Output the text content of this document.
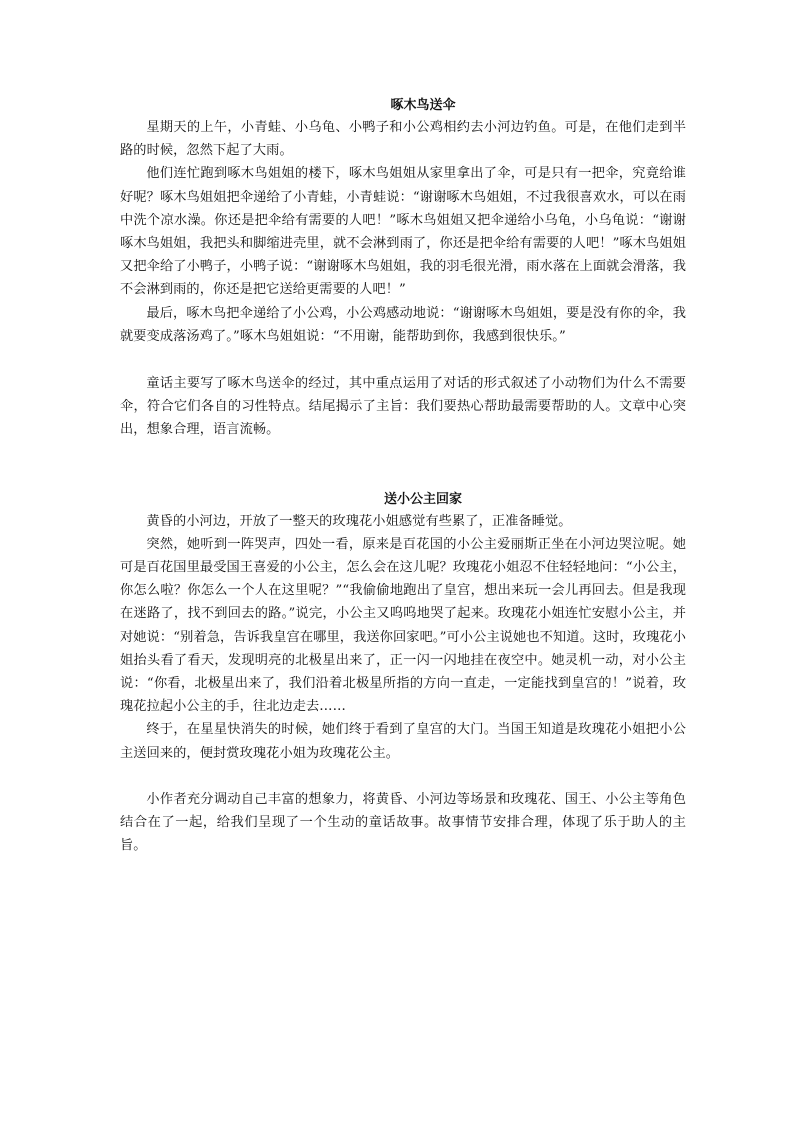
啄木鸟送伞

星期天的上午，小青蛙、小乌龟、小鸭子和小公鸡相约去小河边钓鱼。可是，在他们走到半路的时候，忽然下起了大雨。

他们连忙跑到啄木鸟姐姐的楼下，啄木鸟姐姐从家里拿出了伞，可是只有一把伞，究竟给谁好呢？啄木鸟姐姐把伞递给了小青蛙，小青蛙说：“谢谢啄木鸟姐姐，不过我很喜欢水，可以在雨中洗个凉水澡。你还是把伞给有需要的人吧！”啄木鸟姐姐又把伞递给小乌龟，小乌龟说：“谢谢啄木鸟姐姐，我把头和脚缩进壳里，就不会淋到雨了，你还是把伞给有需要的人吧！”啄木鸟姐姐又把伞给了小鸭子，小鸭子说：“谢谢啄木鸟姐姐，我的羽毛很光滑，雨水落在上面就会滑落，我不会淋到雨的，你还是把它送给更需要的人吧！”

最后，啄木鸟把伞递给了小公鸡，小公鸡感动地说：“谢谢啄木鸟姐姐，要是没有你的伞，我就要变成落汤鸡了。”啄木鸟姐姐说：“不用谢，能帮助到你，我感到很快乐。”

童话主要写了啄木鸟送伞的经过，其中重点运用了对话的形式叙述了小动物们为什么不需要伞，符合它们各自的习性特点。结尾揭示了主旨：我们要热心帮助最需要帮助的人。文章中心突出，想象合理，语言流畅。

送小公主回家

黄昏的小河边，开放了一整天的玫瑰花小姐感觉有些累了，正准备睡觉。

突然，她听到一阵哭声，四处一看，原来是百花国的小公主爱丽斯正坐在小河边哭泣呢。她可是百花国里最受国王喜爱的小公主，怎么会在这儿呢？玫瑰花小姐忍不住轻轻地问：“小公主，你怎么啦？你怎么一个人在这里呢？”“我偷偷地跑出了皇宫，想出来玩一会儿再回去。但是我现在迷路了，找不到回去的路。”说完，小公主又呜呜地哭了起来。玫瑰花小姐连忙安慰小公主，并对她说：“别着急，告诉我皇宫在哪里，我送你回家吧。”可小公主说她也不知道。这时，玫瑰花小姐抬头看了看天，发现明亮的北极星出来了，正一闪一闪地挂在夜空中。她灵机一动，对小公主说：“你看，北极星出来了，我们沿着北极星所指的方向一直走，一定能找到皇宫的！”说着，玫瑰花拉起小公主的手，往北边走去……

终于，在星星快消失的时候，她们终于看到了皇宫的大门。当国王知道是玫瑰花小姐把小公主送回来的，便封赏玫瑰花小姐为玫瑰花公主。

小作者充分调动自己丰富的想象力，将黄昏、小河边等场景和玫瑰花、国王、小公主等角色结合在了一起，给我们呈现了一个生动的童话故事。故事情节安排合理，体现了乐于助人的主旨。
